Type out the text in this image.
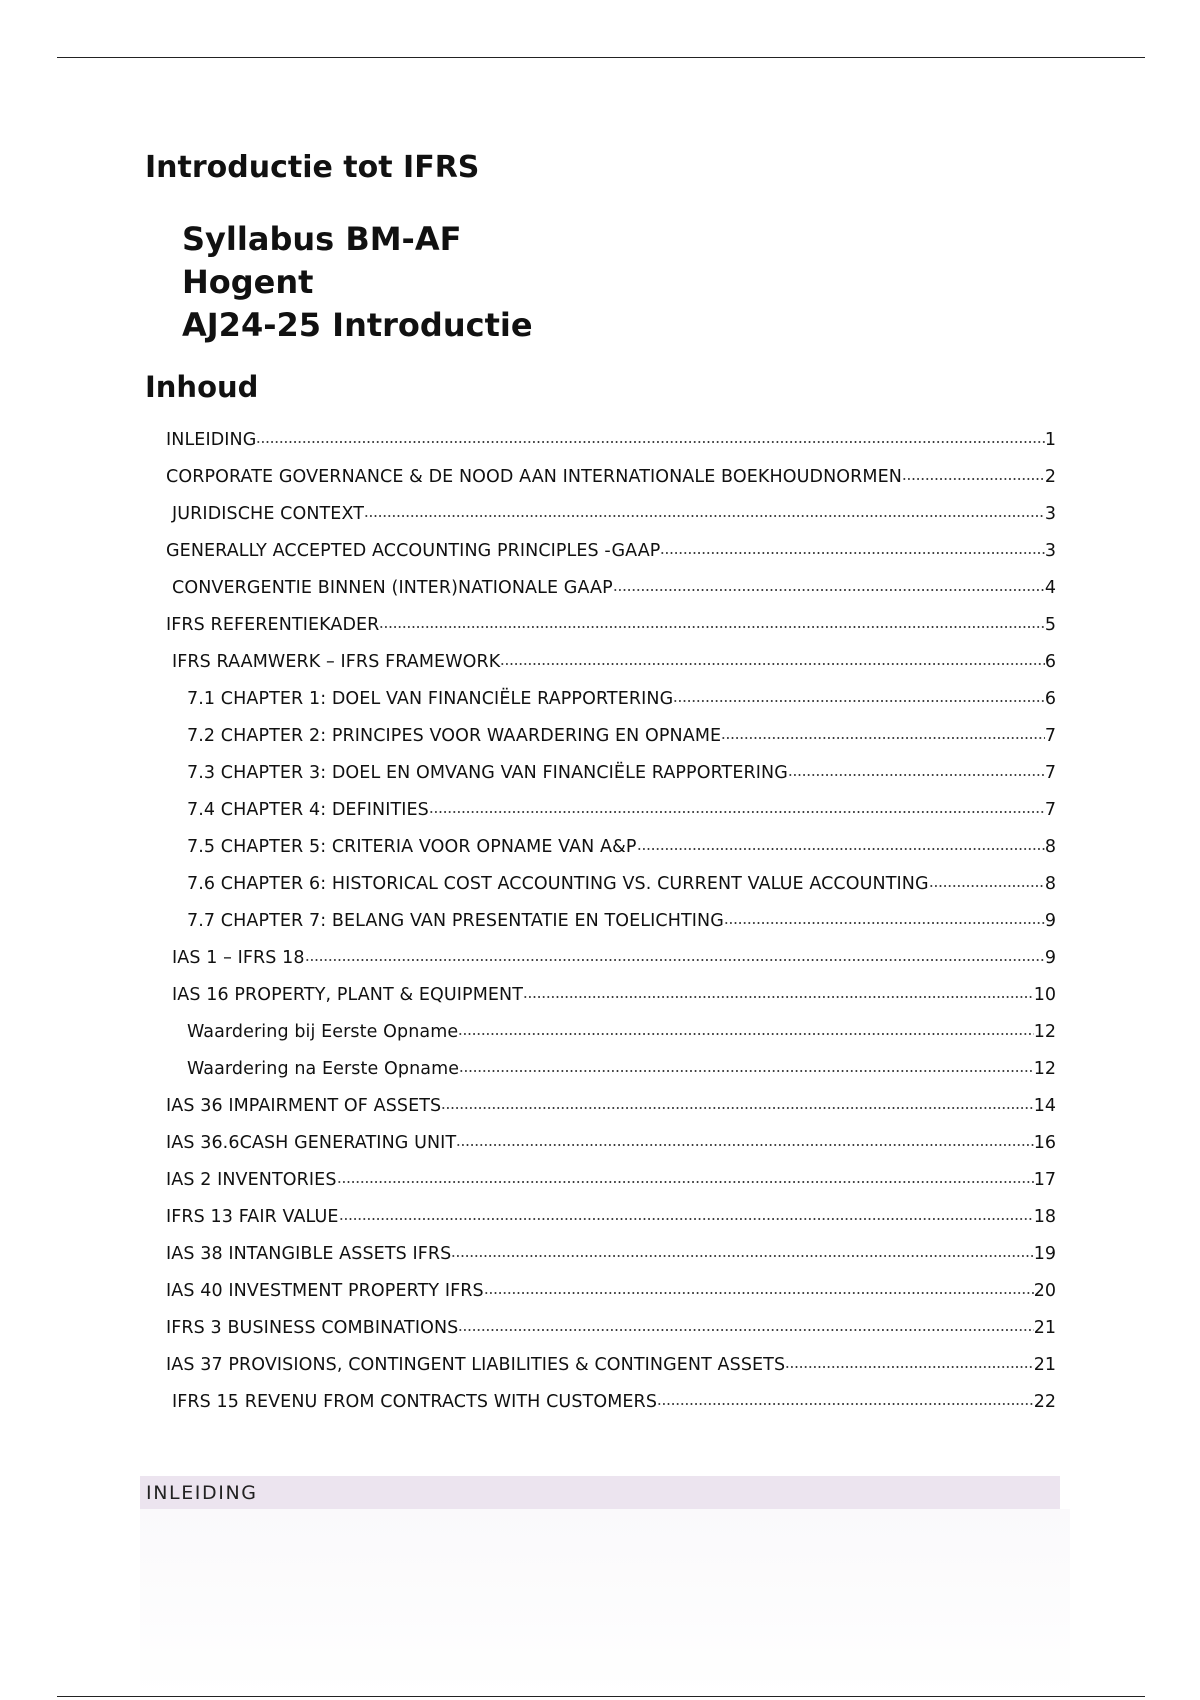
Introductie tot IFRS
Syllabus BM-AF
Hogent
AJ24-25 Introductie
Inhoud
INLEIDING	1
CORPORATE GOVERNANCE & DE NOOD AAN INTERNATIONALE BOEKHOUDNORMEN	2
JURIDISCHE CONTEXT	3
GENERALLY ACCEPTED ACCOUNTING PRINCIPLES -GAAP	3
CONVERGENTIE BINNEN (INTER)NATIONALE GAAP	4
IFRS REFERENTIEKADER	5
IFRS RAAMWERK – IFRS FRAMEWORK	6
7.1 CHAPTER 1: DOEL VAN FINANCIËLE RAPPORTERING	6
7.2 CHAPTER 2: PRINCIPES VOOR WAARDERING EN OPNAME	7
7.3 CHAPTER 3: DOEL EN OMVANG VAN FINANCIËLE RAPPORTERING	7
7.4 CHAPTER 4: DEFINITIES	7
7.5 CHAPTER 5: CRITERIA VOOR OPNAME VAN A&P	8
7.6 CHAPTER 6: HISTORICAL COST ACCOUNTING VS. CURRENT VALUE ACCOUNTING	8
7.7 CHAPTER 7: BELANG VAN PRESENTATIE EN TOELICHTING	9
IAS 1 – IFRS 18	9
IAS 16 PROPERTY, PLANT & EQUIPMENT	10
Waardering bij Eerste Opname	12
Waardering na Eerste Opname	12
IAS 36 IMPAIRMENT OF ASSETS	14
IAS 36.6CASH GENERATING UNIT	16
IAS 2 INVENTORIES	17
IFRS 13 FAIR VALUE	18
IAS 38 INTANGIBLE ASSETS IFRS	19
IAS 40 INVESTMENT PROPERTY IFRS	20
IFRS 3 BUSINESS COMBINATIONS	21
IAS 37 PROVISIONS, CONTINGENT LIABILITIES & CONTINGENT ASSETS	21
IFRS 15 REVENU FROM CONTRACTS WITH CUSTOMERS	22
INLEIDING
